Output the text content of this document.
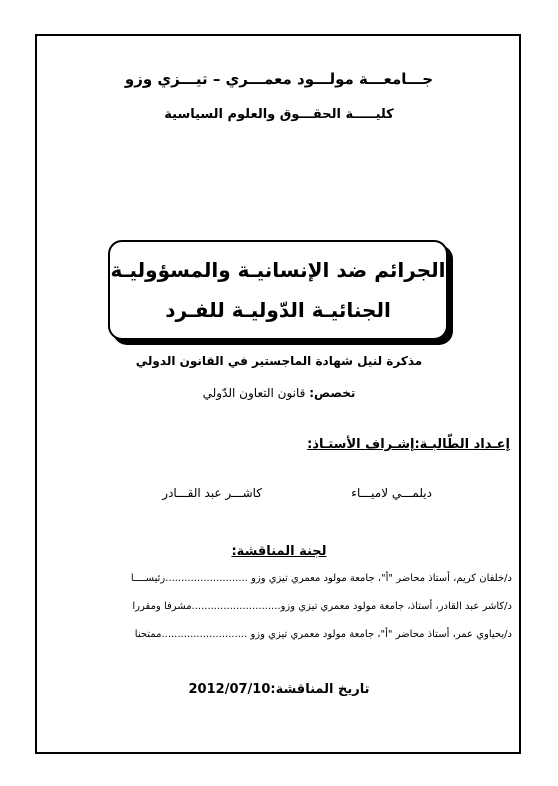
جـــامعـــة مولـــود معمـــري – تيـــزي وزو
كليـــــة الحقـــوق والعلوم السياسية
الجرائم ضد الإنسانيـة والمسؤوليـة
الجنائيـة الدّوليـة للفـرد
مذكرة لنيل شهادة الماجستير في القانون الدولي
تخصص: قانون التعاون الدّولي
إعـداد الطّالبـة:إشـراف الأستـاذ:
ديلمـــي لاميـــاء
كاشـــر عبد القـــادر
لجنة المناقشة:
د/خلفان كريم، أستاذ محاضر "أ"، جامعة مولود معمري تيزي وزو ..........................رئيســــا
د/كاشر عبد القادر، أستاذ، جامعة مولود معمري تيزي وزو............................مشرفا ومقررا
د/يحياوي عمر، أستاذ محاضر "أ"، جامعة مولود معمري تيزي وزو ...........................ممتحنا
تاريخ المناقشة:2012/07/10
